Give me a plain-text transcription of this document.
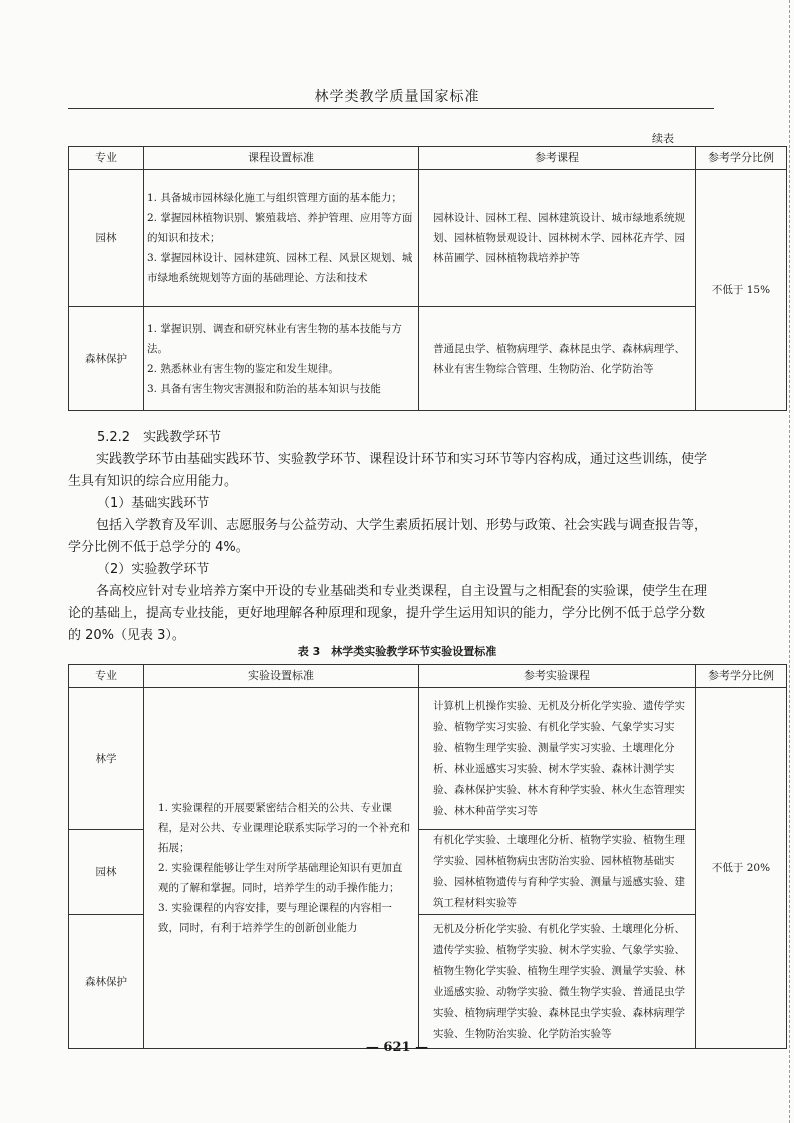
林学类教学质量国家标准
续表
专业	课程设置标准	参考课程	参考学分比例
园林	1. 具备城市园林绿化施工与组织管理方面的基本能力；
2. 掌握园林植物识别、繁殖栽培、养护管理、应用等方面的知识和技术；
3. 掌握园林设计、园林建筑、园林工程、风景区规划、城市绿地系统规划等方面的基础理论、方法和技术	园林设计、园林工程、园林建筑设计、城市绿地系统规划、园林植物景观设计、园林树木学、园林花卉学、园林苗圃学、园林植物栽培养护等	不低于 15%
森林保护	1. 掌握识别、调查和研究林业有害生物的基本技能与方法。
2. 熟悉林业有害生物的鉴定和发生规律。
3. 具备有害生物灾害测报和防治的基本知识与技能	普通昆虫学、植物病理学、森林昆虫学、森林病理学、林业有害生物综合管理、生物防治、化学防治等	
5.2.2　实践教学环节
实践教学环节由基础实践环节、实验教学环节、课程设计环节和实习环节等内容构成，通过这些训练，使学生具有知识的综合应用能力。
（1）基础实践环节
包括入学教育及军训、志愿服务与公益劳动、大学生素质拓展计划、形势与政策、社会实践与调查报告等，学分比例不低于总学分的 4%。
（2）实验教学环节
各高校应针对专业培养方案中开设的专业基础类和专业类课程，自主设置与之相配套的实验课，使学生在理论的基础上，提高专业技能，更好地理解各种原理和现象，提升学生运用知识的能力，学分比例不低于总学分数的 20%（见表 3）。
表 3　林学类实验教学环节实验设置标准
专业	实验设置标准	参考实验课程	参考学分比例
林学	1. 实验课程的开展要紧密结合相关的公共、专业课程，是对公共、专业课理论联系实际学习的一个补充和拓展；
2. 实验课程能够让学生对所学基础理论知识有更加直观的了解和掌握。同时，培养学生的动手操作能力；
3. 实验课程的内容安排，要与理论课程的内容相一致，同时，有利于培养学生的创新创业能力	计算机上机操作实验、无机及分析化学实验、遗传学实验、植物学实习实验、有机化学实验、气象学实习实验、植物生理学实验、测量学实习实验、土壤理化分析、林业遥感实习实验、树木学实验、森林计测学实验、森林保护实验、林木育种学实验、林火生态管理实验、林木种苗学实习等	不低于 20%
园林		有机化学实验、土壤理化分析、植物学实验、植物生理学实验、园林植物病虫害防治实验、园林植物基础实验、园林植物遗传与育种学实验、测量与遥感实验、建筑工程材料实验等	
森林保护		无机及分析化学实验、有机化学实验、土壤理化分析、遗传学实验、植物学实验、树木学实验、气象学实验、植物生物化学实验、植物生理学实验、测量学实验、林业遥感实验、动物学实验、微生物学实验、普通昆虫学实验、植物病理学实验、森林昆虫学实验、森林病理学实验、生物防治实验、化学防治实验等	
— 621 —
